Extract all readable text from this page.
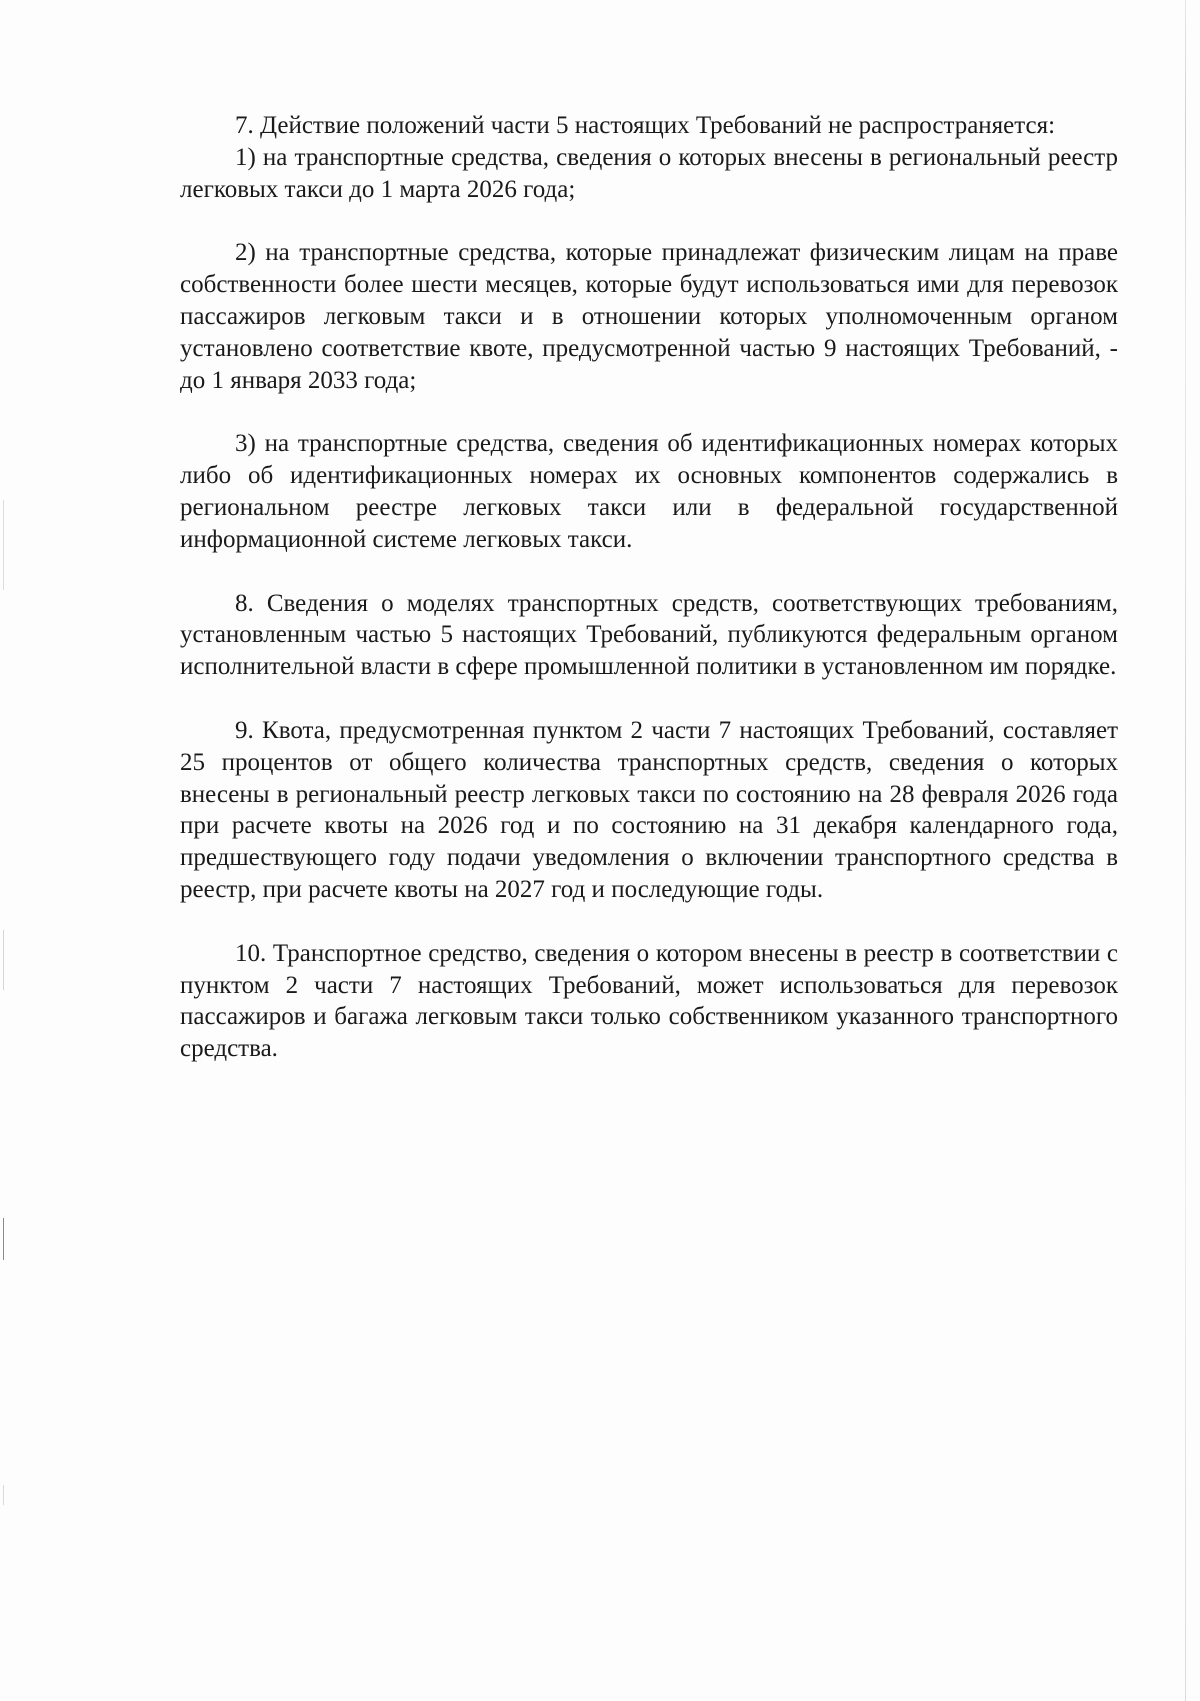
7. Действие положений части 5 настоящих Требований не распространяется:

1) на транспортные средства, сведения о которых внесены в региональный реестр легковых такси до 1 марта 2026 года;

2) на транспортные средства, которые принадлежат физическим лицам на праве собственности более шести месяцев, которые будут использоваться ими для перевозок пассажиров легковым такси и в отношении которых уполномоченным органом установлено соответствие квоте, предусмотренной частью 9 настоящих Требований, - до 1 января 2033 года;

3) на транспортные средства, сведения об идентификационных номерах которых либо об идентификационных номерах их основных компонентов содержались в региональном реестре легковых такси или в федеральной государственной информационной системе легковых такси.

8. Сведения о моделях транспортных средств, соответствующих требованиям, установленным частью 5 настоящих Требований, публикуются федеральным органом исполнительной власти в сфере промышленной политики в установленном им порядке.

9. Квота, предусмотренная пунктом 2 части 7 настоящих Требований, составляет 25 процентов от общего количества транспортных средств, сведения о которых внесены в региональный реестр легковых такси по состоянию на 28 февраля 2026 года при расчете квоты на 2026 год и по состоянию на 31 декабря календарного года, предшествующего году подачи уведомления о включении транспортного средства в реестр, при расчете квоты на 2027 год и последующие годы.

10. Транспортное средство, сведения о котором внесены в реестр в соответствии с пунктом 2 части 7 настоящих Требований, может использоваться для перевозок пассажиров и багажа легковым такси только собственником указанного транспортного средства.
